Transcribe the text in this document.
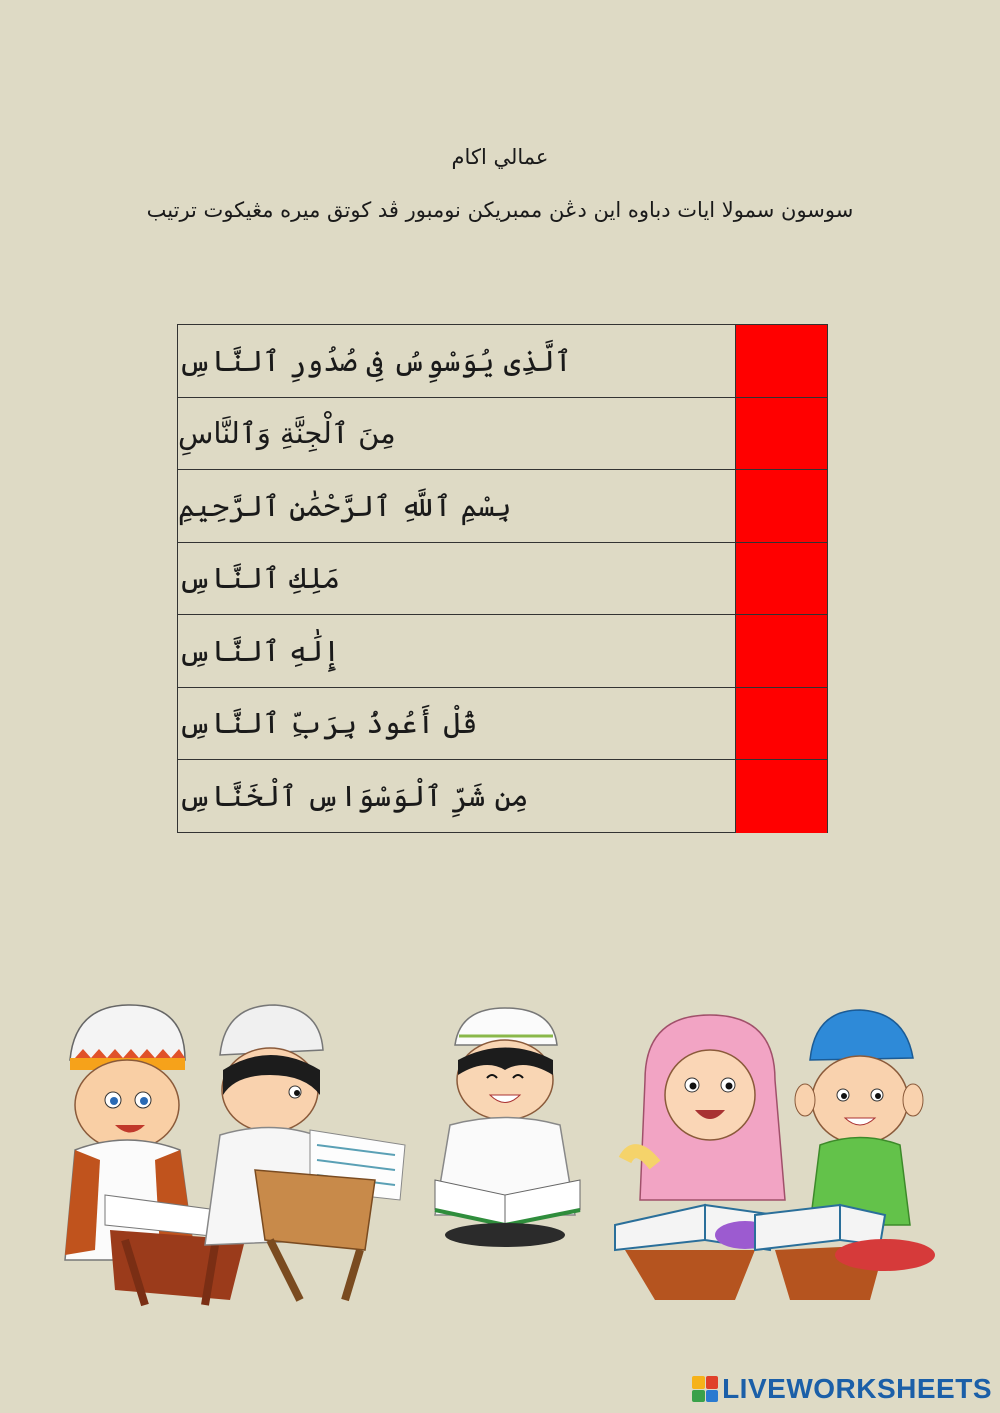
عمالي اکام
سوسون سمولا ايات دباوه اين دڠن ممبريکن نومبور ڤد کوتق ميره مڠيکوت ترتيب
ٱلَّذِى يُوَسْوِسُ فِى صُدُورِ ٱلنَّاسِ
مِنَ ٱلْجِنَّةِ وَٱلنَّاسِ
بِسْمِ ٱللَّهِ ٱلرَّحْمَٰنِ ٱلرَّحِيمِ
مَلِكِ ٱلنَّاسِ
إِلَٰهِ ٱلنَّاسِ
قُلْ أَعُوذُ بِرَبِّ ٱلنَّاسِ
مِن شَرِّ ٱلْوَسْوَاسِ ٱلْخَنَّاسِ
LIVEWORKSHEETS
